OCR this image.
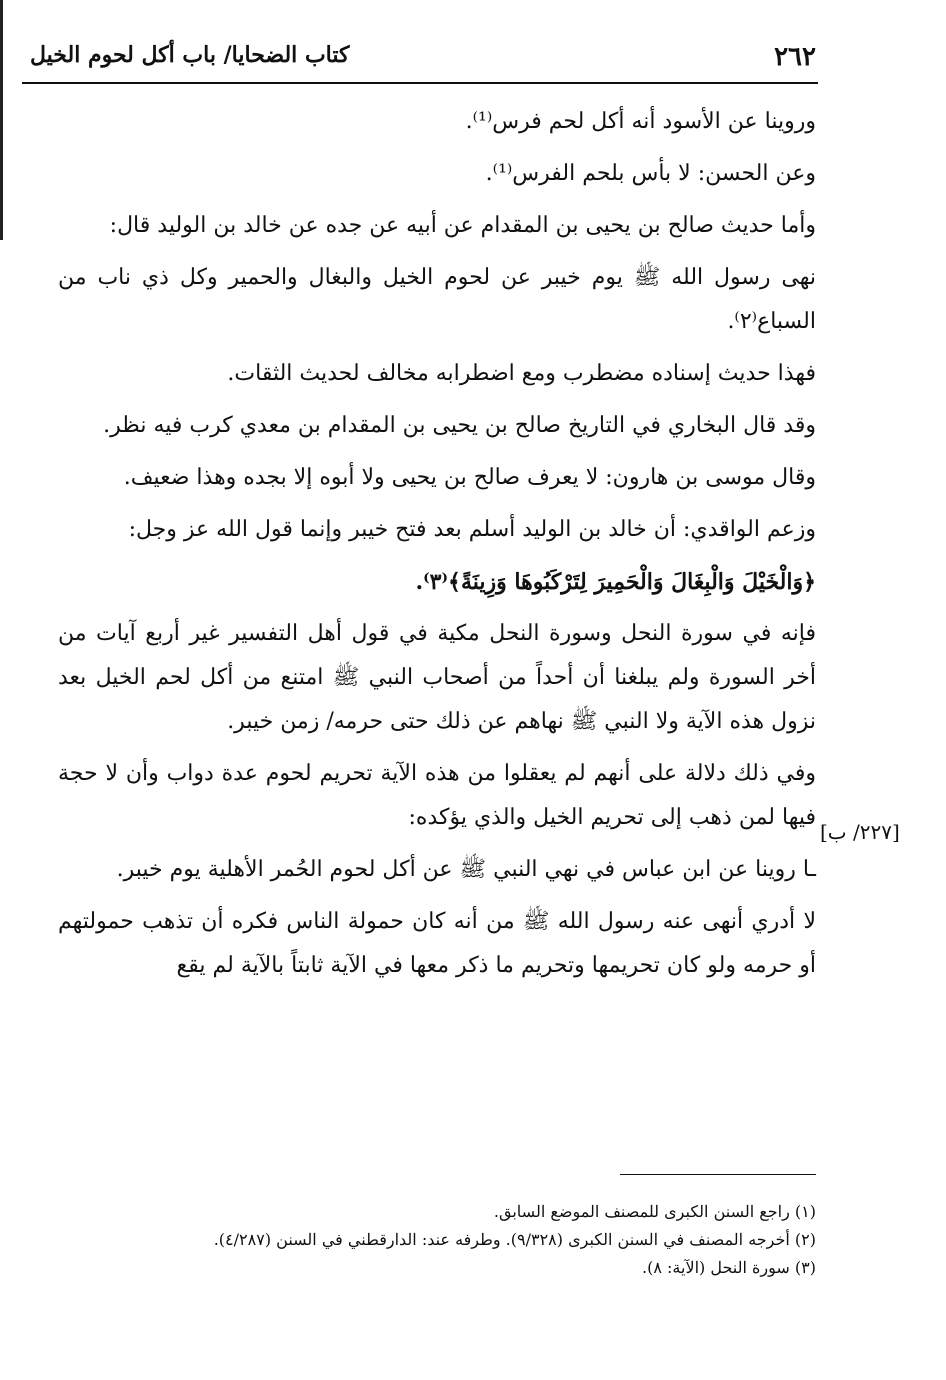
٢٦٢
كتاب الضحايا/ باب أكل لحوم الخيل

وروينا عن الأسود أنه أكل لحم فرس⁽¹⁾.

وعن الحسن: لا بأس بلحم الفرس⁽¹⁾.

وأما حديث صالح بن يحيى بن المقدام عن أبيه عن جده عن خالد بن الوليد قال:

نهى رسول الله ﷺ يوم خيبر عن لحوم الخيل والبغال والحمير وكل ذي ناب من السباع⁽٢⁾.

فهذا حديث إسناده مضطرب ومع اضطرابه مخالف لحديث الثقات.

وقد قال البخاري في التاريخ صالح بن يحيى بن المقدام بن معدي كرب فيه نظر.

وقال موسى بن هارون: لا يعرف صالح بن يحيى ولا أبوه إلا بجده وهذا ضعيف.

وزعم الواقدي: أن خالد بن الوليد أسلم بعد فتح خيبر وإنما قول الله عز وجل:

﴿وَالْخَيْلَ وَالْبِغَالَ وَالْحَمِيرَ لِتَرْكَبُوهَا وَزِينَةً﴾⁽٣⁾.

فإنه في سورة النحل وسورة النحل مكية في قول أهل التفسير غير أربع آيات من أخر السورة ولم يبلغنا أن أحداً من أصحاب النبي ﷺ امتنع من أكل لحم الخيل بعد نزول هذه الآية ولا النبي ﷺ نهاهم عن ذلك حتى حرمه/ زمن خيبر.

وفي ذلك دلالة على أنهم لم يعقلوا من هذه الآية تحريم لحوم عدة دواب وأن لا حجة فيها لمن ذهب إلى تحريم الخيل والذي يؤكده:

ـا روينا عن ابن عباس في نهي النبي ﷺ عن أكل لحوم الحُمر الأهلية يوم خيبر.

لا أدري أنهى عنه رسول الله ﷺ من أنه كان حمولة الناس فكره أن تذهب حمولتهم أو حرمه ولو كان تحريمها وتحريم ما ذكر معها في الآية ثابتاً بالآية لم يقع

[٢٢٧/ ب]

(١) راجع السنن الكبرى للمصنف الموضع السابق.

(٢) أخرجه المصنف في السنن الكبرى (٩/٣٢٨). وطرفه عند: الدارقطني في السنن (٤/٢٨٧).

(٣) سورة النحل (الآية: ٨).
